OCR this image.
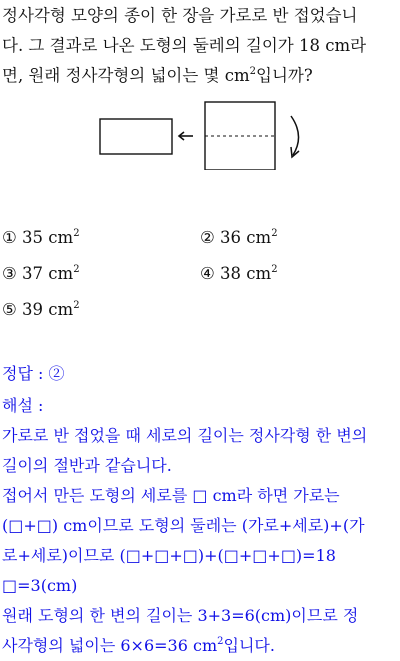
정사각형 모양의 종이 한 장을 가로로 반 접었습니
다. 그 결과로 나온 도형의 둘레의 길이가 18 cm라
면, 원래 정사각형의 넓이는 몇 $cm^2$입니까?
① 35 $cm^2$	② 36 $cm^2$
③ 37 $cm^2$	④ 38 $cm^2$
⑤ 39 $cm^2$
정답 : ②
해설 :
가로로 반 접었을 때 세로의 길이는 정사각형 한 변의
길이의 절반과 같습니다.
접어서 만든 도형의 세로를 □ cm라 하면 가로는
(□+□) cm이므로 도형의 둘레는 (가로+세로)+(가
로+세로)이므로 (□+□+□)+(□+□+□)=18
□=3(cm)
원래 도형의 한 변의 길이는 3+3=6(cm)이므로 정
사각형의 넓이는 6×6=36 $cm^2$입니다.
